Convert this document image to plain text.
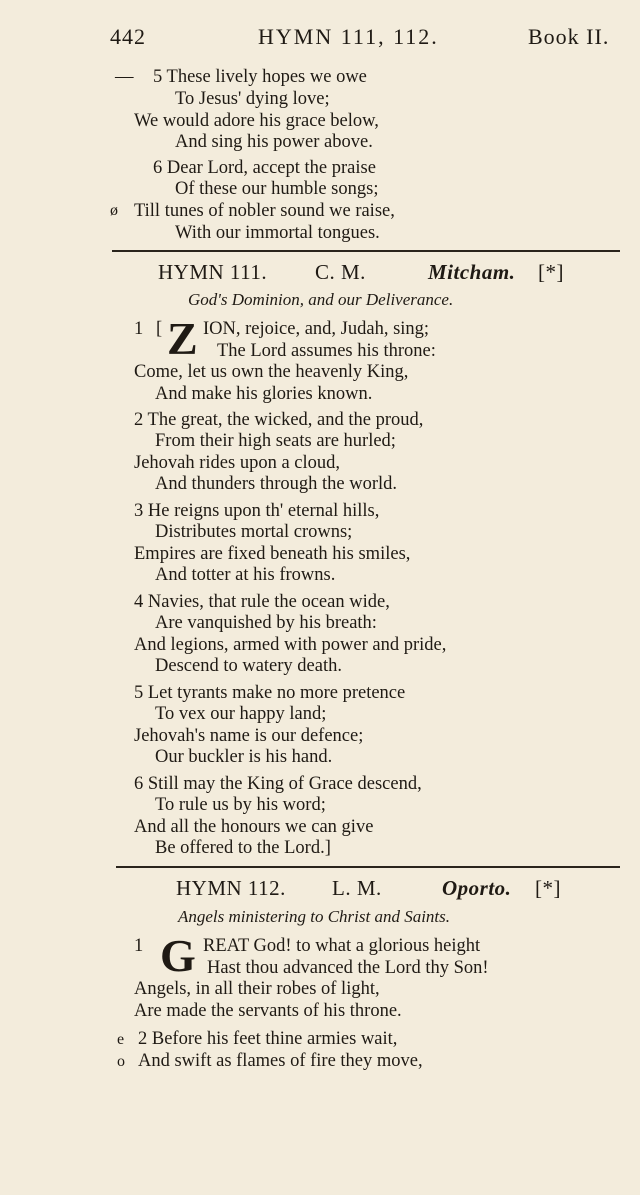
442	HYMN 111, 112.	Book II.
— 5 These lively hopes we owe
To Jesus' dying love;
We would adore his grace below,
And sing his power above.
6 Dear Lord, accept the praise
Of these our humble songs;
ø Till tunes of nobler sound we raise,
With our immortal tongues.
HYMN 111. C. M.	Mitcham. [*]
God's Dominion, and our Deliverance.
1 [ Z ION, rejoice, and, Judah, sing;
The Lord assumes his throne:
Come, let us own the heavenly King,
And make his glories known.
2 The great, the wicked, and the proud,
From their high seats are hurled;
Jehovah rides upon a cloud,
And thunders through the world.
3 He reigns upon th' eternal hills,
Distributes mortal crowns;
Empires are fixed beneath his smiles,
And totter at his frowns.
4 Navies, that rule the ocean wide,
Are vanquished by his breath:
And legions, armed with power and pride,
Descend to watery death.
5 Let tyrants make no more pretence
To vex our happy land;
Jehovah's name is our defence;
Our buckler is his hand.
6 Still may the King of Grace descend,
To rule us by his word;
And all the honours we can give
Be offered to the Lord.]
HYMN 112. L. M.	Oporto. [*]
Angels ministering to Christ and Saints.
1 G REAT God! to what a glorious height
Hast thou advanced the Lord thy Son!
Angels, in all their robes of light,
Are made the servants of his throne.
e 2 Before his feet thine armies wait,
o And swift as flames of fire they move,
